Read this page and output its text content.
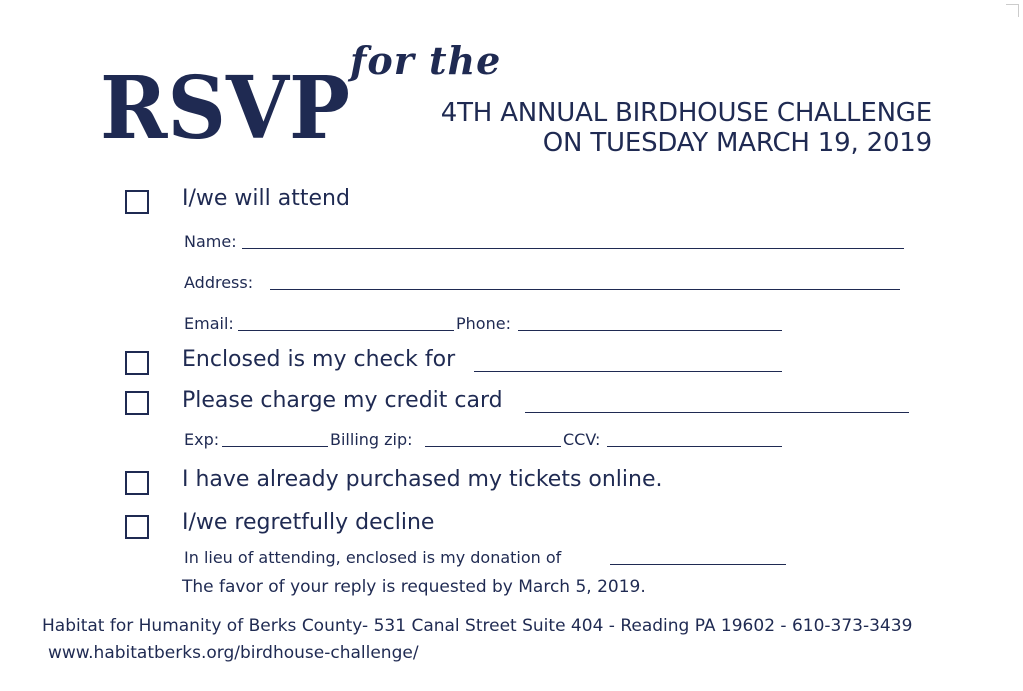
RSVP for the
4TH ANNUAL BIRDHOUSE CHALLENGE
ON TUESDAY MARCH 19, 2019
I/we will attend
Name:
Address:
Email:	Phone:
Enclosed is my check for
Please charge my credit card
Exp:	Billing zip:	CCV:
I have already purchased my tickets online.
I/we regretfully decline
In lieu of attending, enclosed is my donation of
The favor of your reply is requested by March 5, 2019.
Habitat for Humanity of Berks County- 531 Canal Street Suite 404 - Reading PA 19602 - 610-373-3439
www.habitatberks.org/birdhouse-challenge/
